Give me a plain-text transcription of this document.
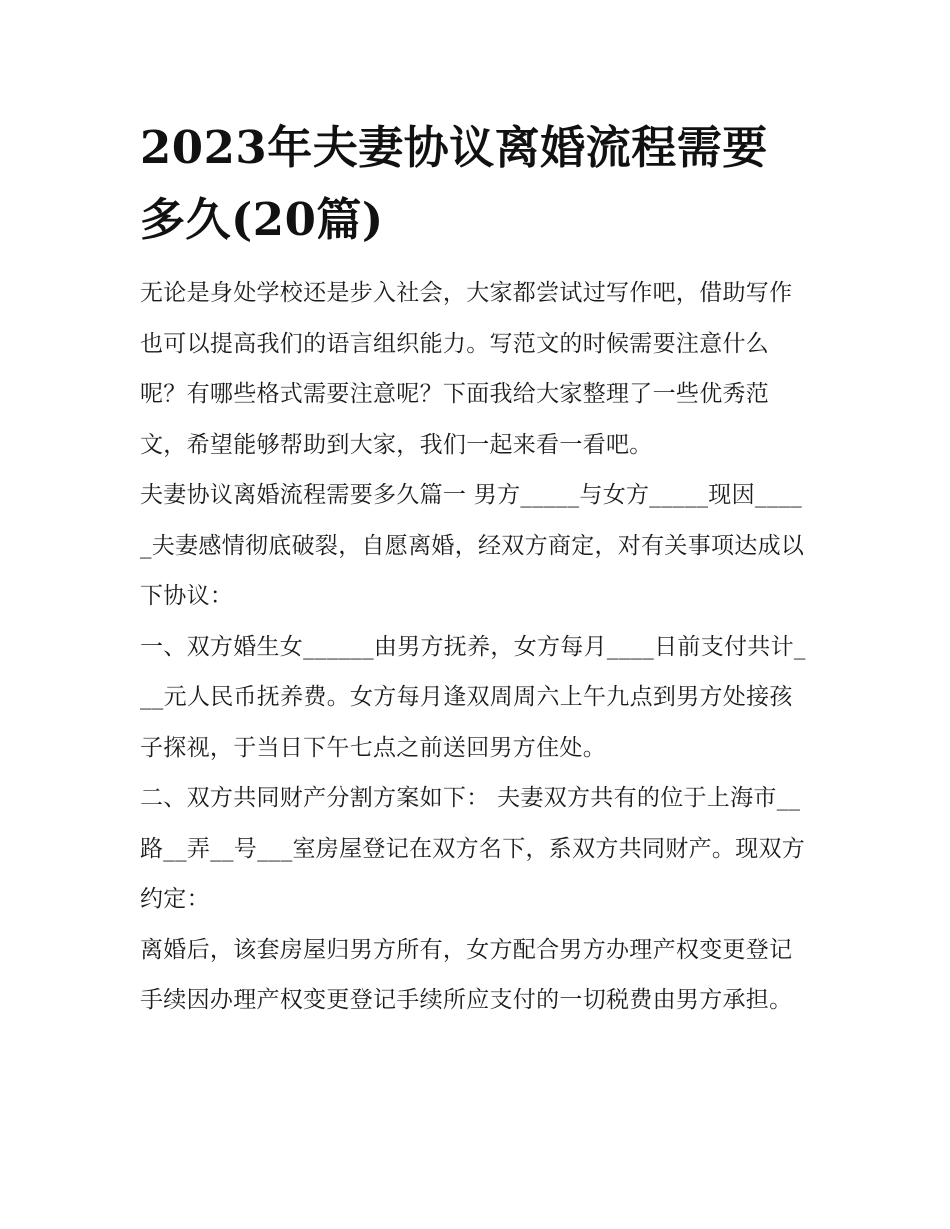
2023年夫妻协议离婚流程需要多久(20篇)

无论是身处学校还是步入社会，大家都尝试过写作吧，借助写作也可以提高我们的语言组织能力。写范文的时候需要注意什么呢？有哪些格式需要注意呢？下面我给大家整理了一些优秀范文，希望能够帮助到大家，我们一起来看一看吧。

夫妻协议离婚流程需要多久篇一 男方_____与女方_____现因_____夫妻感情彻底破裂，自愿离婚，经双方商定，对有关事项达成以下协议：

一、双方婚生女______由男方抚养，女方每月____日前支付共计___元人民币抚养费。女方每月逢双周周六上午九点到男方处接孩子探视，于当日下午七点之前送回男方住处。

二、双方共同财产分割方案如下： 夫妻双方共有的位于上海市__路__弄__号___室房屋登记在双方名下，系双方共同财产。现双方约定：

离婚后，该套房屋归男方所有，女方配合男方办理产权变更登记手续因办理产权变更登记手续所应支付的一切税费由男方承担。
